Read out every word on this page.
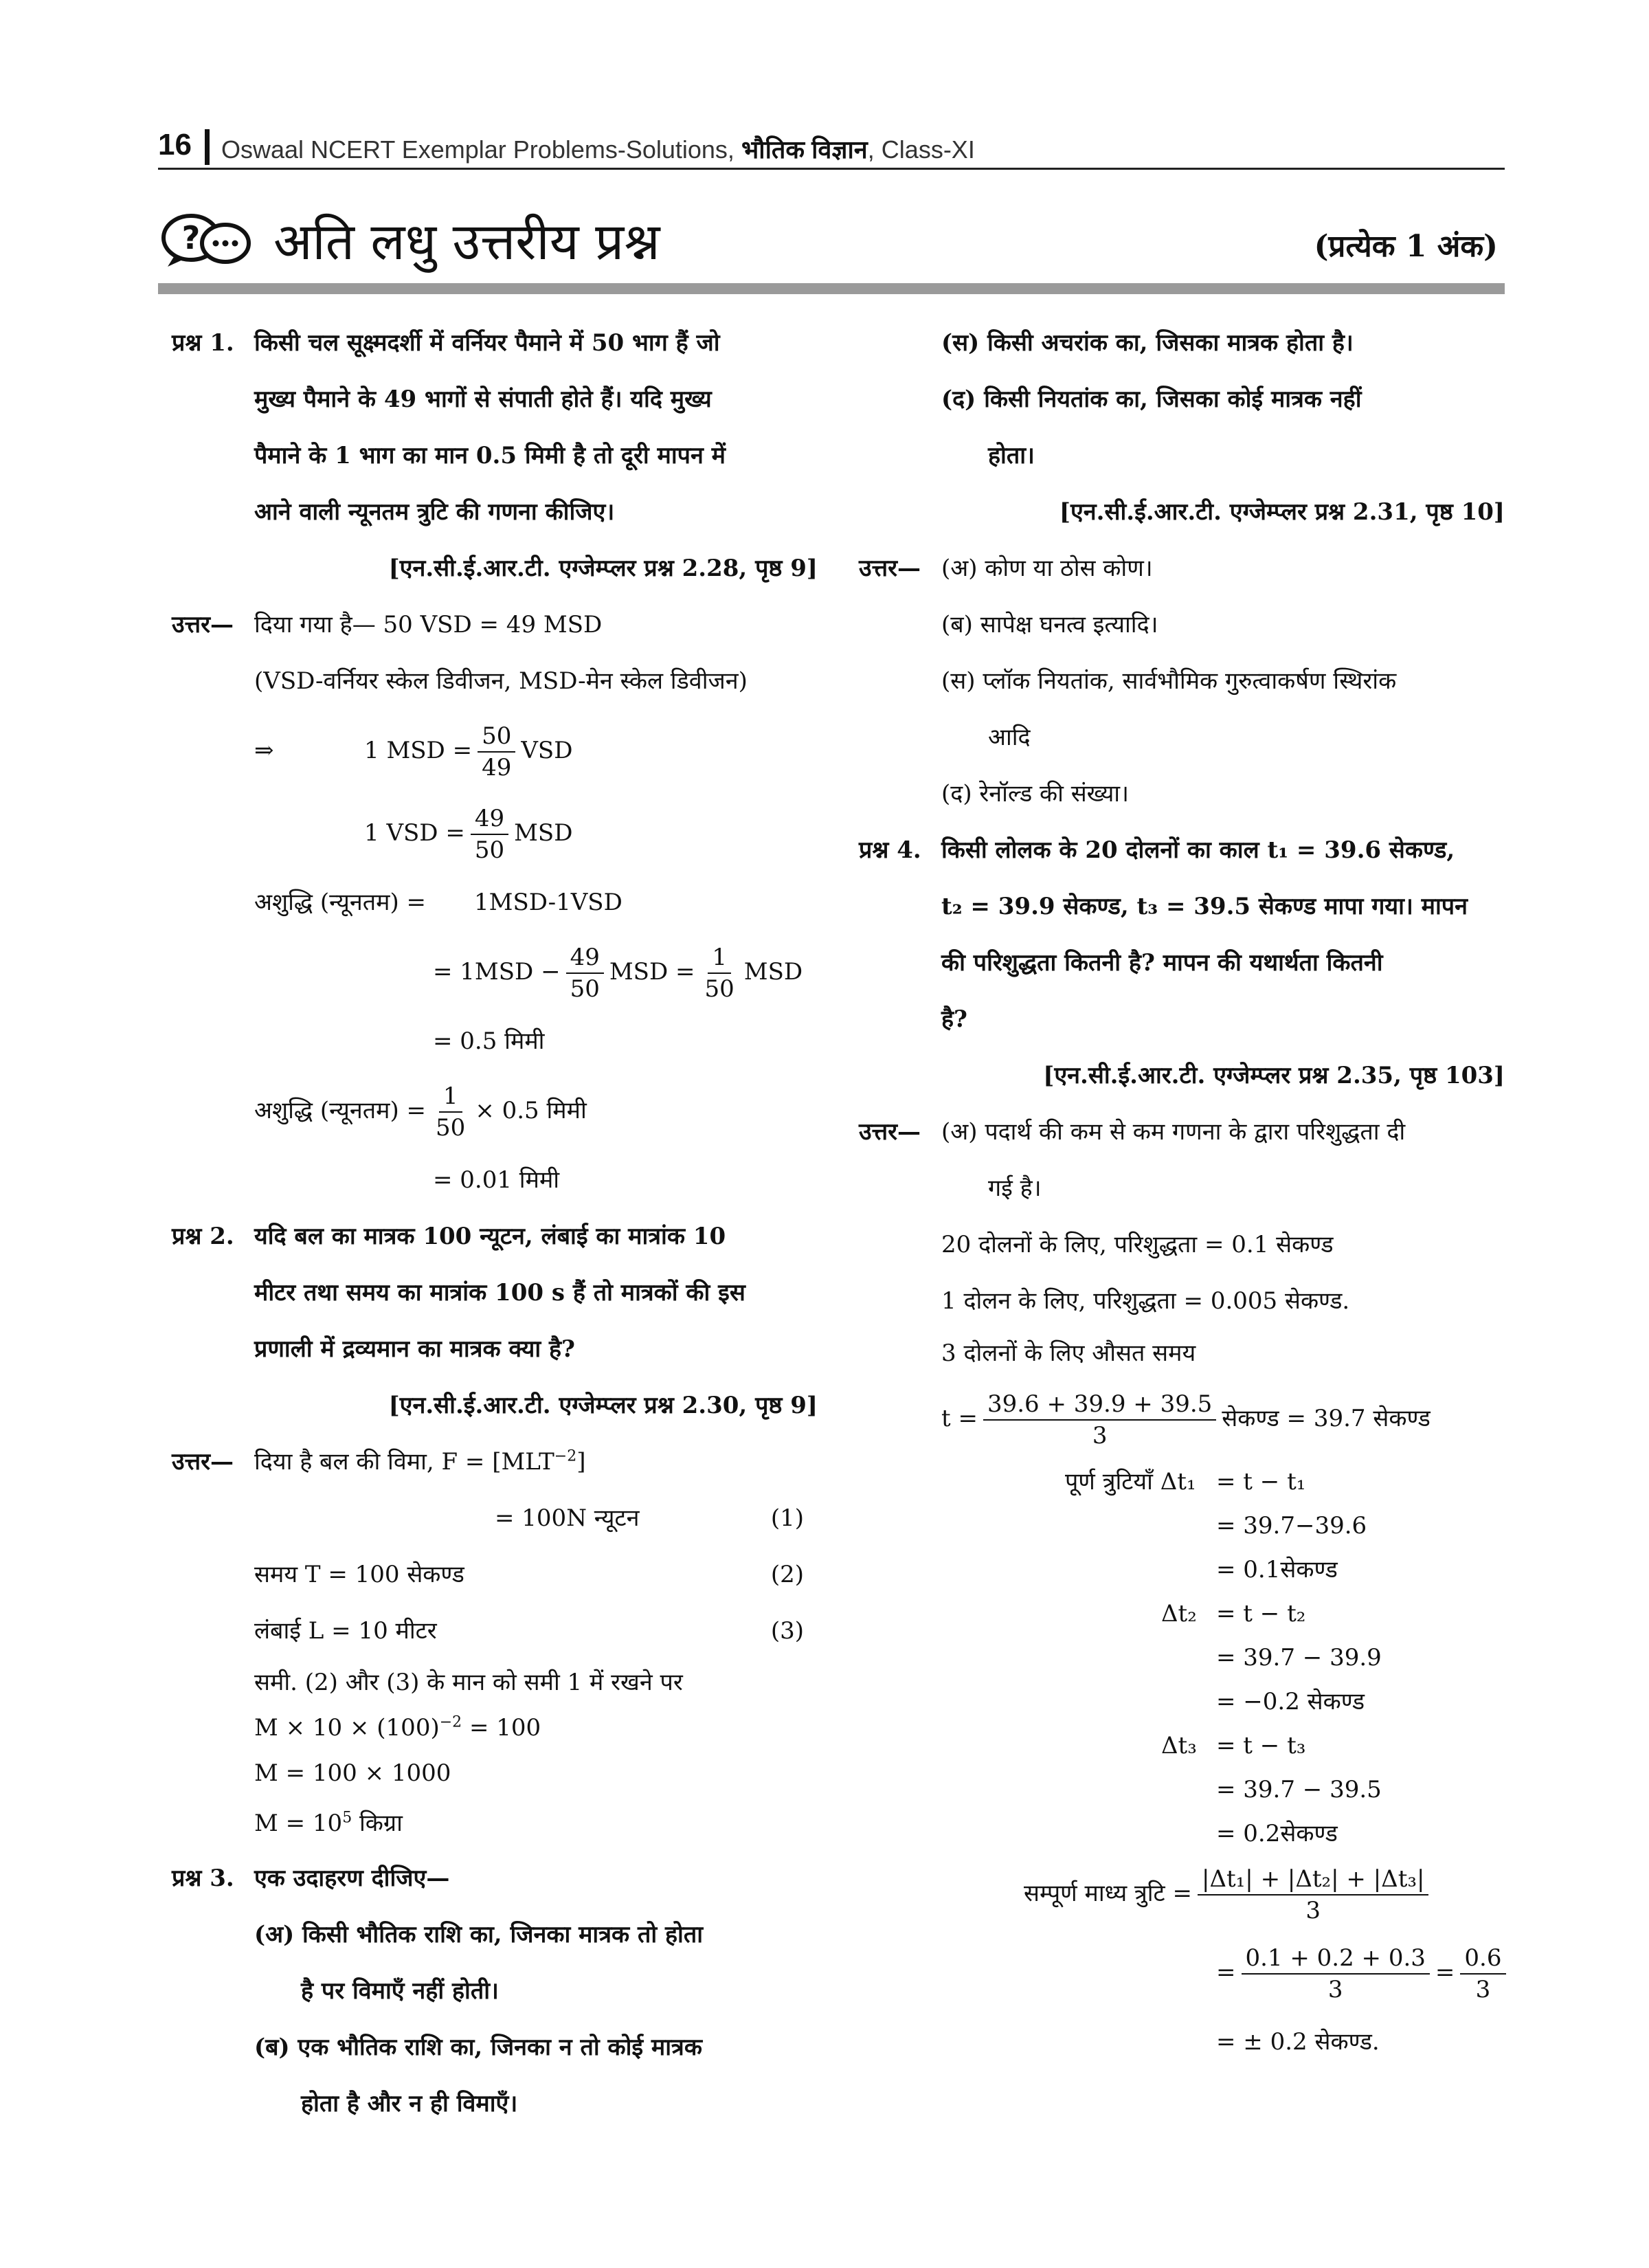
16 Oswaal NCERT Exemplar Problems-Solutions, भौतिक विज्ञान, Class-XI
? अति लधु उत्तरीय प्रश्न	(प्रत्येक 1 अंक)
प्रश्न 1. किसी चल सूक्ष्मदर्शी में वर्नियर पैमाने में 50 भाग हैं जो
मुख्य पैमाने के 49 भागों से संपाती होते हैं। यदि मुख्य
पैमाने के 1 भाग का मान 0.5 मिमी है तो दूरी मापन में
आने वाली न्यूनतम त्रुटि की गणना कीजिए।
[एन.सी.ई.आर.टी. एग्जेम्प्लर प्रश्न 2.28, पृष्ठ 9]
उत्तर— दिया गया है— 50 VSD = 49 MSD
(VSD-वर्नियर स्केल डिवीजन, MSD-मेन स्केल डिवीजन)
⇒	1 MSD = $\frac{50}{49}$ VSD
1 VSD = $\frac{49}{50}$ MSD
अशुद्धि (न्यूनतम) = 1MSD-1VSD
= $1MSD - \frac{49}{50}$ MSD = $\frac{1}{50}$ MSD
= 0.5 मिमी
अशुद्धि (न्यूनतम) = $\frac{1}{50} \times 0.5$ मिमी
= 0.01 मिमी
प्रश्न 2. यदि बल का मात्रक 100 न्यूटन, लंबाई का मात्रांक 10
मीटर तथा समय का मात्रांक 100 s हैं तो मात्रकों की इस
प्रणाली में द्रव्यमान का मात्रक क्या है?
[एन.सी.ई.आर.टी. एग्जेम्प्लर प्रश्न 2.30, पृष्ठ 9]
उत्तर— दिया है बल की विमा, $F = [MLT^{-2}]$
= 100N न्यूटन	(1)
समय T = 100 सेकण्ड	(2)
लंबाई L = 10 मीटर	(3)
समी. (2) और (3) के मान को समी 1 में रखने पर
$M \times 10 \times (100)^{-2} = 100$
M = 100 × 1000
$M = 10^5$ किग्रा
प्रश्न 3. एक उदाहरण दीजिए—
(अ) किसी भौतिक राशि का, जिनका मात्रक तो होता
है पर विमाएँ नहीं होती।
(ब) एक भौतिक राशि का, जिनका न तो कोई मात्रक
होता है और न ही विमाएँ।
(स) किसी अचरांक का, जिसका मात्रक होता है।
(द) किसी नियतांक का, जिसका कोई मात्रक नहीं
होता।
[एन.सी.ई.आर.टी. एग्जेम्प्लर प्रश्न 2.31, पृष्ठ 10]
उत्तर— (अ) कोण या ठोस कोण।
(ब) सापेक्ष घनत्व इत्यादि।
(स) प्लॉक नियतांक, सार्वभौमिक गुरुत्वाकर्षण स्थिरांक
आदि
(द) रेनॉल्ड की संख्या।
प्रश्न 4. किसी लोलक के 20 दोलनों का काल t₁ = 39.6 सेकण्ड,
t₂ = 39.9 सेकण्ड, t₃ = 39.5 सेकण्ड मापा गया। मापन
की परिशुद्धता कितनी है? मापन की यथार्थता कितनी
है?
[एन.सी.ई.आर.टी. एग्जेम्प्लर प्रश्न 2.35, पृष्ठ 103]
उत्तर— (अ) पदार्थ की कम से कम गणना के द्वारा परिशुद्धता दी
गई है।
20 दोलनों के लिए, परिशुद्धता = 0.1 सेकण्ड
1 दोलन के लिए, परिशुद्धता = 0.005 सेकण्ड.
3 दोलनों के लिए औसत समय
$t = \frac{39.6 + 39.9 + 39.5}{3}$ सेकण्ड = 39.7 सेकण्ड
पूर्ण त्रुटियाँ Δt₁ = t − t₁
= 39.7−39.6
= 0.1सेकण्ड
Δt₂ = t − t₂
= 39.7 − 39.9
= −0.2 सेकण्ड
Δt₃ = t − t₃
= 39.7 − 39.5
= 0.2सेकण्ड
सम्पूर्ण माध्य त्रुटि = $\frac{\text{|Δt₁| + |Δt₂| + |Δt₃|}}{3}$
= $\frac{0.1 + 0.2 + 0.3}{3} = \frac{0.6}{3}$
= ± 0.2 सेकण्ड.
